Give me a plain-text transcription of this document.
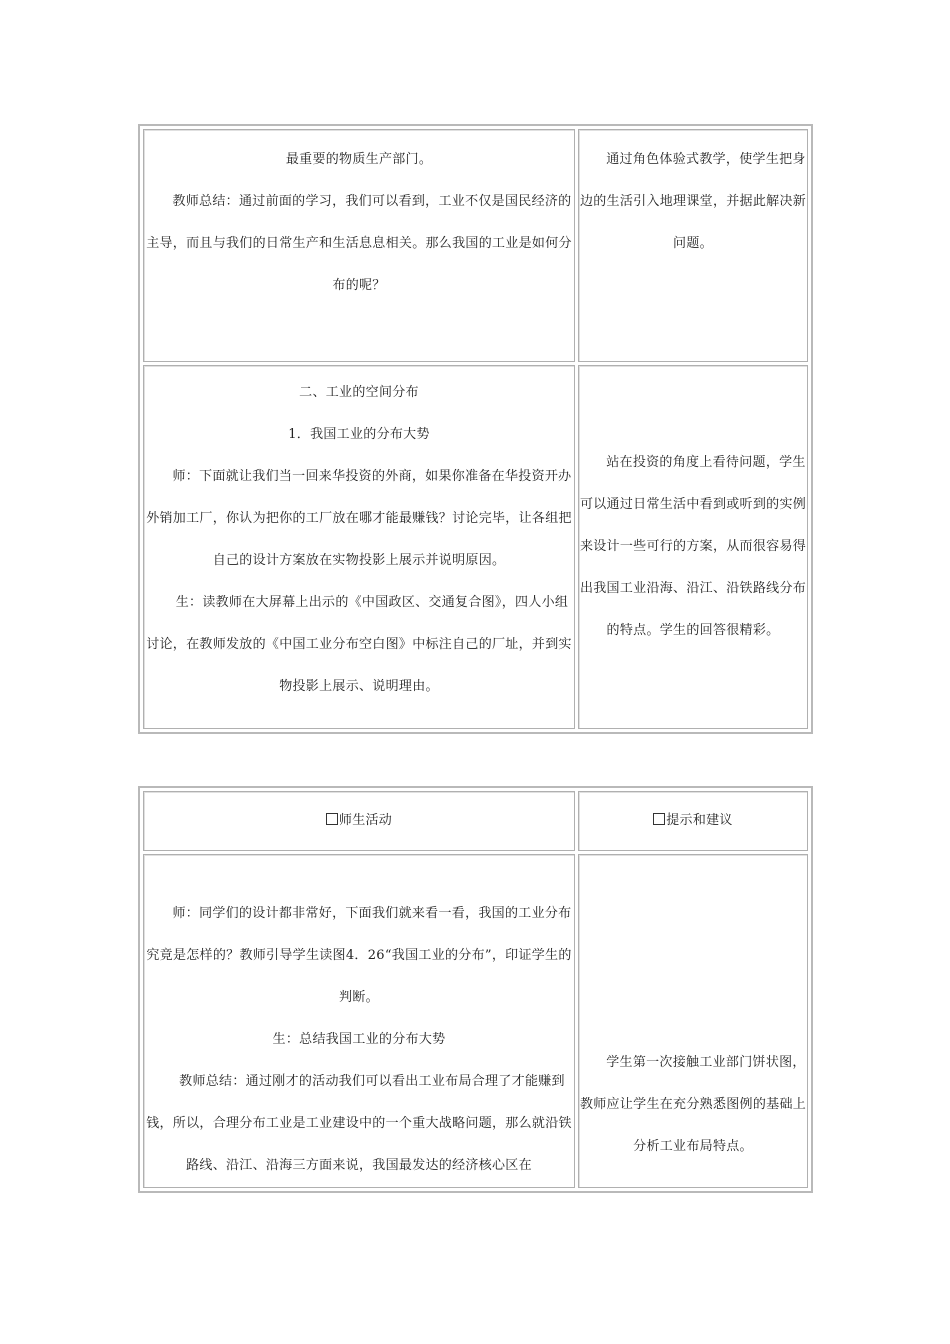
最重要的物质生产部门。

教师总结：通过前面的学习，我们可以看到，工业不仅是国民经济的主导，而且与我们的日常生产和生活息息相关。那么我国的工业是如何分布的呢？	通过角色体验式教学，使学生把身边的生活引入地理课堂，并据此解决新问题。

二、工业的空间分布

1．我国工业的分布大势

师：下面就让我们当一回来华投资的外商，如果你准备在华投资开办外销加工厂，你认为把你的工厂放在哪才能最赚钱？讨论完毕，让各组把自己的设计方案放在实物投影上展示并说明原因。

生：读教师在大屏幕上出示的《中国政区、交通复合图》，四人小组讨论，在教师发放的《中国工业分布空白图》中标注自己的厂址，并到实物投影上展示、说明理由。	站在投资的角度上看待问题，学生可以通过日常生活中看到或听到的实例来设计一些可行的方案，从而很容易得出我国工业沿海、沿江、沿铁路线分布的特点。学生的回答很精彩。

师生活动	提示和建议

师：同学们的设计都非常好，下面我们就来看一看，我国的工业分布究竟是怎样的？教师引导学生读图4．26“我国工业的分布”，印证学生的判断。

生：总结我国工业的分布大势

教师总结：通过刚才的活动我们可以看出工业布局合理了才能赚到钱，所以，合理分布工业是工业建设中的一个重大战略问题，那么就沿铁路线、沿江、沿海三方面来说，我国最发达的经济核心区在	学生第一次接触工业部门饼状图，教师应让学生在充分熟悉图例的基础上分析工业布局特点。
